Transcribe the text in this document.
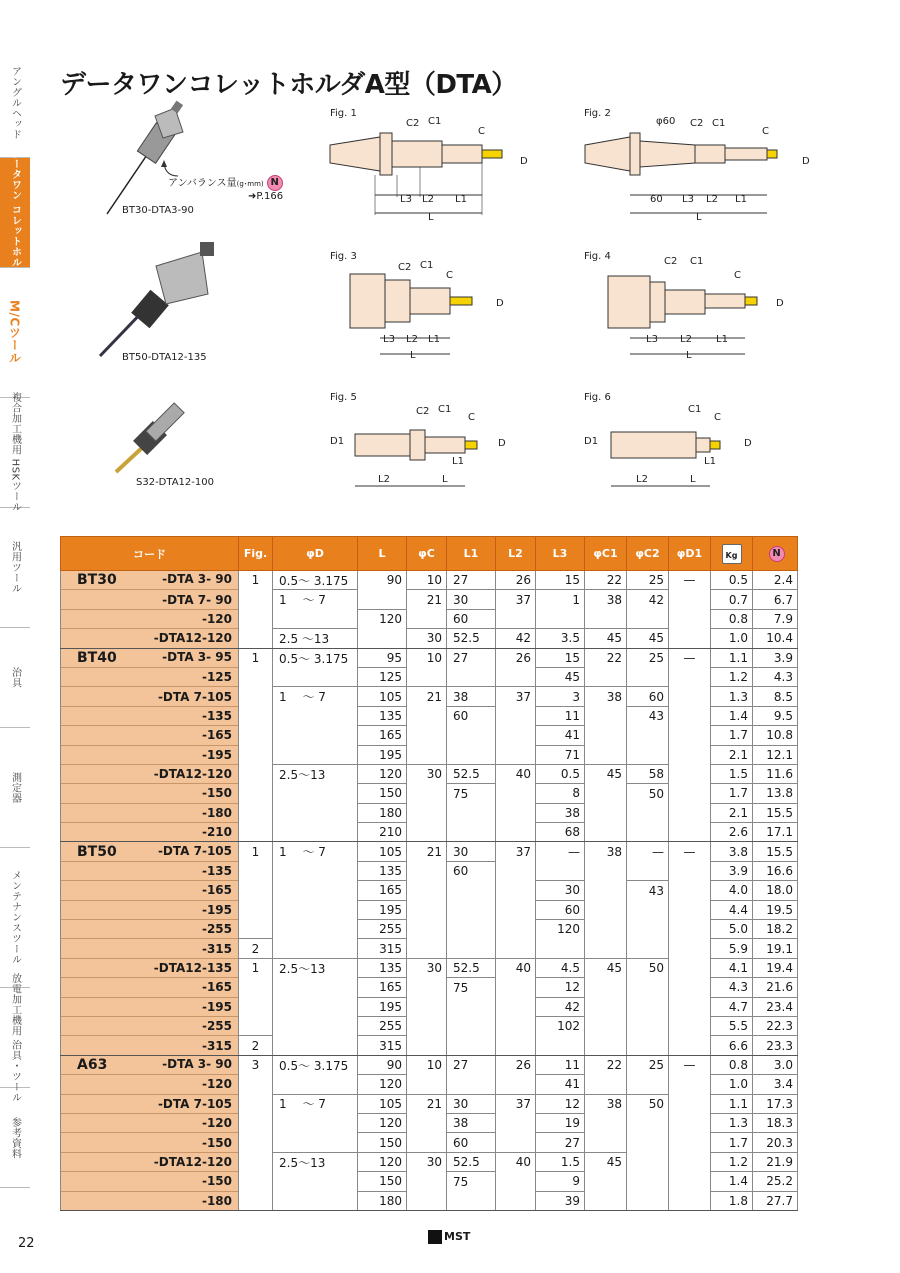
アングルヘッド
データワン コレットホルダ
M/Cツール
複合加工機用 HSKツール
汎用ツール
治具
測定器
メンテナンスツール
放電加工機用 治具・ツール
参考資料
データワンコレットホルダA型（DTA）
BT30-DTA3-90
アンバランス量(g･mm) N
➜P.166
BT50-DTA12-135
S32-DTA12-100
Fig. 1
C2 C1
C
D
L3 L2 L1
L
Fig. 2
φ60 C2 C1
C
D
60 L3 L2 L1
L
Fig. 3
C2 C1
C
D
L3 L2 L1
L
Fig. 4	C2 C1
C
D
L3 L2 L1
L
Fig. 5
C2 C1
C
D1	D
L1
L2	L
Fig. 6
C1
C
D1	D
L1
L2	L
コード	Fig.	φD	L	φC	L1	L2	L3	φC1	φC2	φD1	Kg	N

BT30 -DTA 3- 90	1	0.5～ 3.175	90	10	27	26	15	22	25	—	0.5	2.4
-DTA 7- 90		1 　～ 7		21	30	37	1	38	42		0.7	6.7
-120			120		60						0.8	7.9
-DTA12-120		2.5 ～13		30	52.5	42	3.5	45	45		1.0	10.4

BT40 -DTA 3- 95	1	0.5～ 3.175	95	10	27	26	15	22	25	—	1.1	3.9
-125			125				45				1.2	4.3
-DTA 7-105		1 　～ 7	105	21	38	37	3	38	60		1.3	8.5
-135			135		60		11		43		1.4	9.5
-165			165				41				1.7	10.8
-195			195				71				2.1	12.1
-DTA12-120		2.5～13	120	30	52.5	40	0.5	45	58		1.5	11.6
-150			150		75		8		50		1.7	13.8
-180			180				38				2.1	15.5
-210			210				68				2.6	17.1

BT50 -DTA 7-105	1	1 　～ 7	105	21	30	37	—	38	—	—	3.8	15.5
-135			135		60						3.9	16.6
-165			165				30		43		4.0	18.0
-195			195				60				4.4	19.5
-255			255				120				5.0	18.2
-315	2		315								5.9	19.1
-DTA12-135	1	2.5～13	135	30	52.5	40	4.5	45	50		4.1	19.4
-165			165		75		12				4.3	21.6
-195			195				42				4.7	23.4
-255			255				102				5.5	22.3
-315	2		315								6.6	23.3

A63 -DTA 3- 90	3	0.5～ 3.175	90	10	27	26	11	22	25	—	0.8	3.0
-120			120				41				1.0	3.4
-DTA 7-105		1 　～ 7	105	21	30	37	12	38	50		1.1	17.3
-120			120		38		19				1.3	18.3
-150			150		60		27				1.7	20.3
-DTA12-120		2.5～13	120	30	52.5	40	1.5	45			1.2	21.9
-150			150		75		9				1.4	25.2
-180			180				39				1.8	27.7
22	MST
